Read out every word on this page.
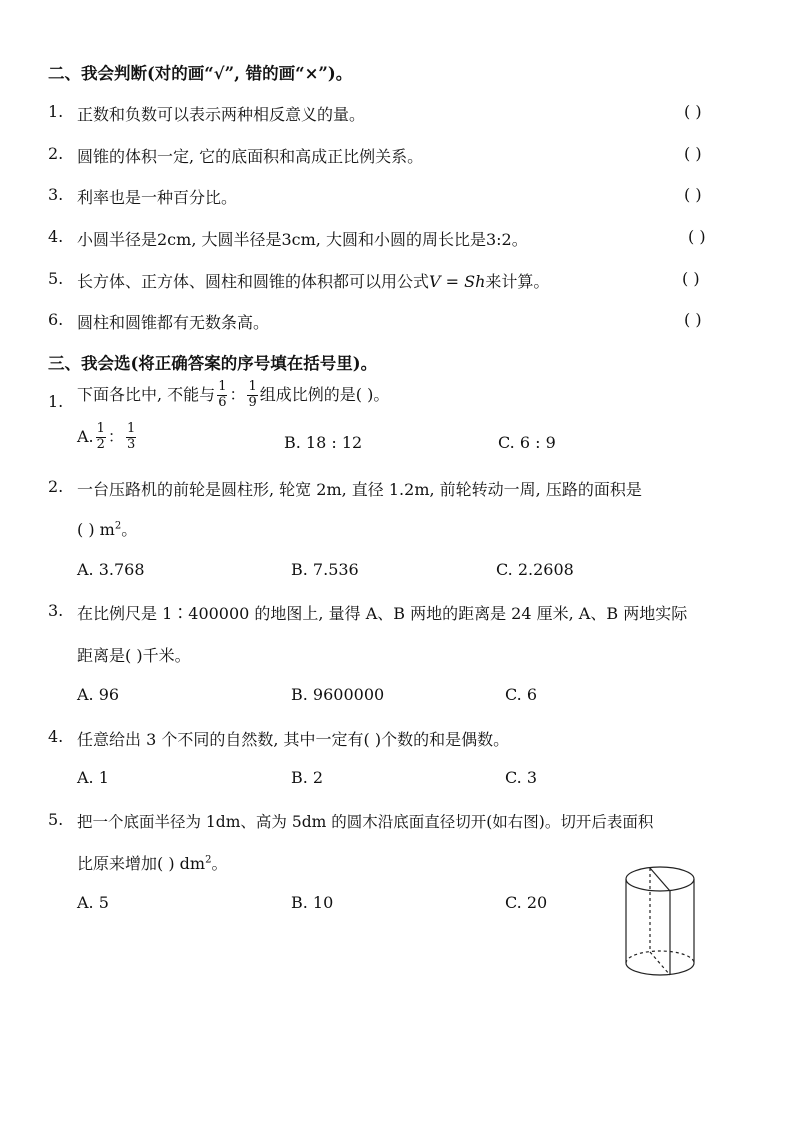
二、我会判断(对的画“√”, 错的画“×”)。
1. 正数和负数可以表示两种相反意义的量。	( )
2. 圆锥的体积一定, 它的底面积和高成正比例关系。	( )
3. 利率也是一种百分比。	( )
4. 小圆半径是2cm, 大圆半径是3cm, 大圆和小圆的周长比是3:2。	( )
5. 长方体、正方体、圆柱和圆锥的体积都可以用公式V = Sh来计算。	( )
6. 圆柱和圆锥都有无数条高。	( )
三、我会选(将正确答案的序号填在括号里)。
1. 下面各比中, 不能与 $\frac{1}{6}$ ： $\frac{1}{9}$ 组成比例的是( )。
A. $\frac{1}{2}$ ： $\frac{1}{3}$	B. 18 : 12	C. 6 : 9
2. 一台压路机的前轮是圆柱形, 轮宽 2m, 直径 1.2m, 前轮转动一周, 压路的面积是
( ) $m^2$。
A. 3.768	B. 7.536	C. 2.2608
3. 在比例尺是 1∶400000 的地图上, 量得 A、B 两地的距离是 24 厘米, A、B 两地实际
距离是( )千米。
A. 96	B. 9600000	C. 6
4. 任意给出 3 个不同的自然数, 其中一定有( )个数的和是偶数。
A. 1	B. 2	C. 3
5. 把一个底面半径为 1dm、高为 5dm 的圆木沿底面直径切开(如右图)。切开后表面积
比原来增加( ) $dm^2$。
A. 5	B. 10	C. 20
